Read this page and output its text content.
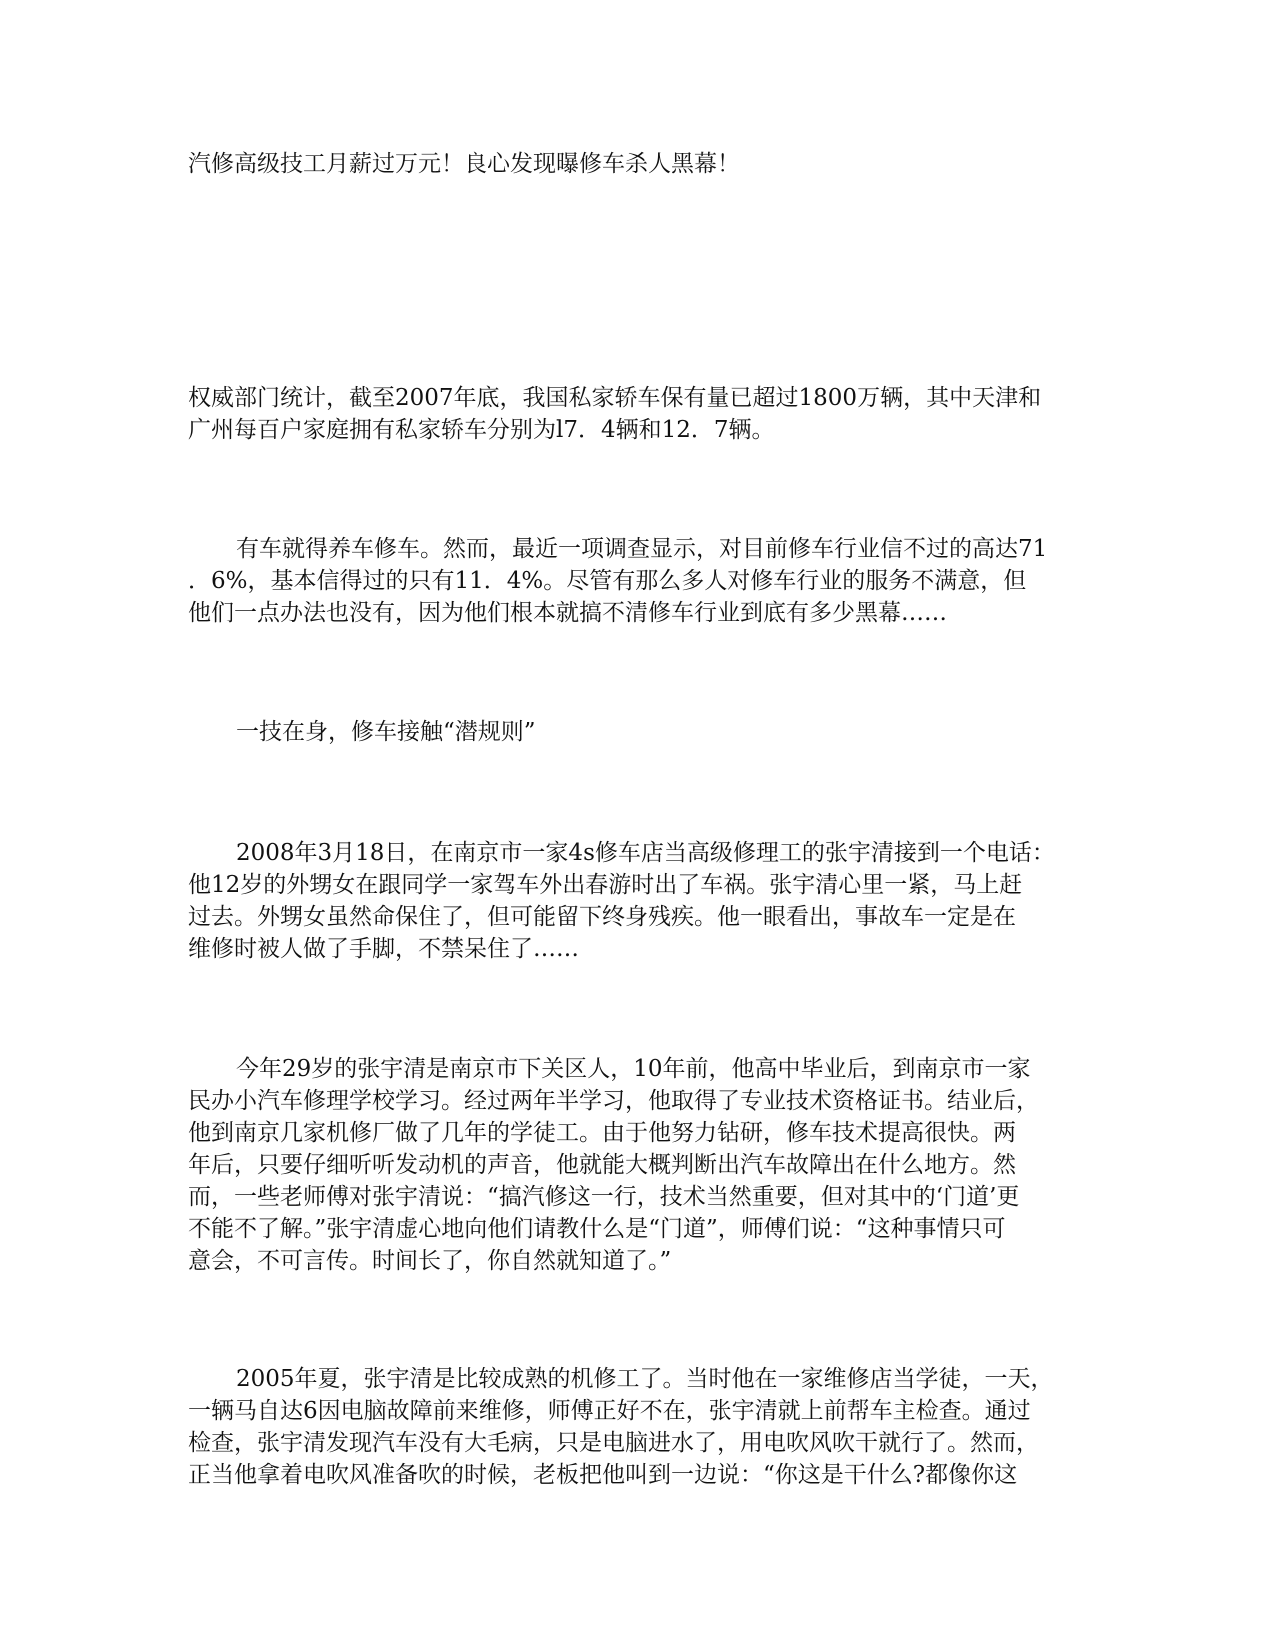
汽修高级技工月薪过万元！良心发现曝修车杀人黑幕！

权威部门统计，截至2007年底，我国私家轿车保有量已超过1800万辆，其中天津和
广州每百户家庭拥有私家轿车分别为l7．4辆和12．7辆。

有车就得养车修车。然而，最近一项调查显示，对目前修车行业信不过的高达71
．6%，基本信得过的只有11．4%。尽管有那么多人对修车行业的服务不满意，但
他们一点办法也没有，因为他们根本就搞不清修车行业到底有多少黑幕……

一技在身，修车接触“潜规则”

2008年3月18日，在南京市一家4s修车店当高级修理工的张宇清接到一个电话：
他12岁的外甥女在跟同学一家驾车外出春游时出了车祸。张宇清心里一紧，马上赶
过去。外甥女虽然命保住了，但可能留下终身残疾。他一眼看出，事故车一定是在
维修时被人做了手脚，不禁呆住了……

今年29岁的张宇清是南京市下关区人，10年前，他高中毕业后，到南京市一家
民办小汽车修理学校学习。经过两年半学习，他取得了专业技术资格证书。结业后，
他到南京几家机修厂做了几年的学徒工。由于他努力钻研，修车技术提高很快。两
年后，只要仔细听听发动机的声音，他就能大概判断出汽车故障出在什么地方。然
而，一些老师傅对张宇清说：“搞汽修这一行，技术当然重要，但对其中的‘门道’更
不能不了解。”张宇清虚心地向他们请教什么是“门道”，师傅们说：“这种事情只可
意会，不可言传。时间长了，你自然就知道了。”

2005年夏，张宇清是比较成熟的机修工了。当时他在一家维修店当学徒，一天，
一辆马自达6因电脑故障前来维修，师傅正好不在，张宇清就上前帮车主检查。通过
检查，张宇清发现汽车没有大毛病，只是电脑进水了，用电吹风吹干就行了。然而，
正当他拿着电吹风准备吹的时候，老板把他叫到一边说：“你这是干什么?都像你这
